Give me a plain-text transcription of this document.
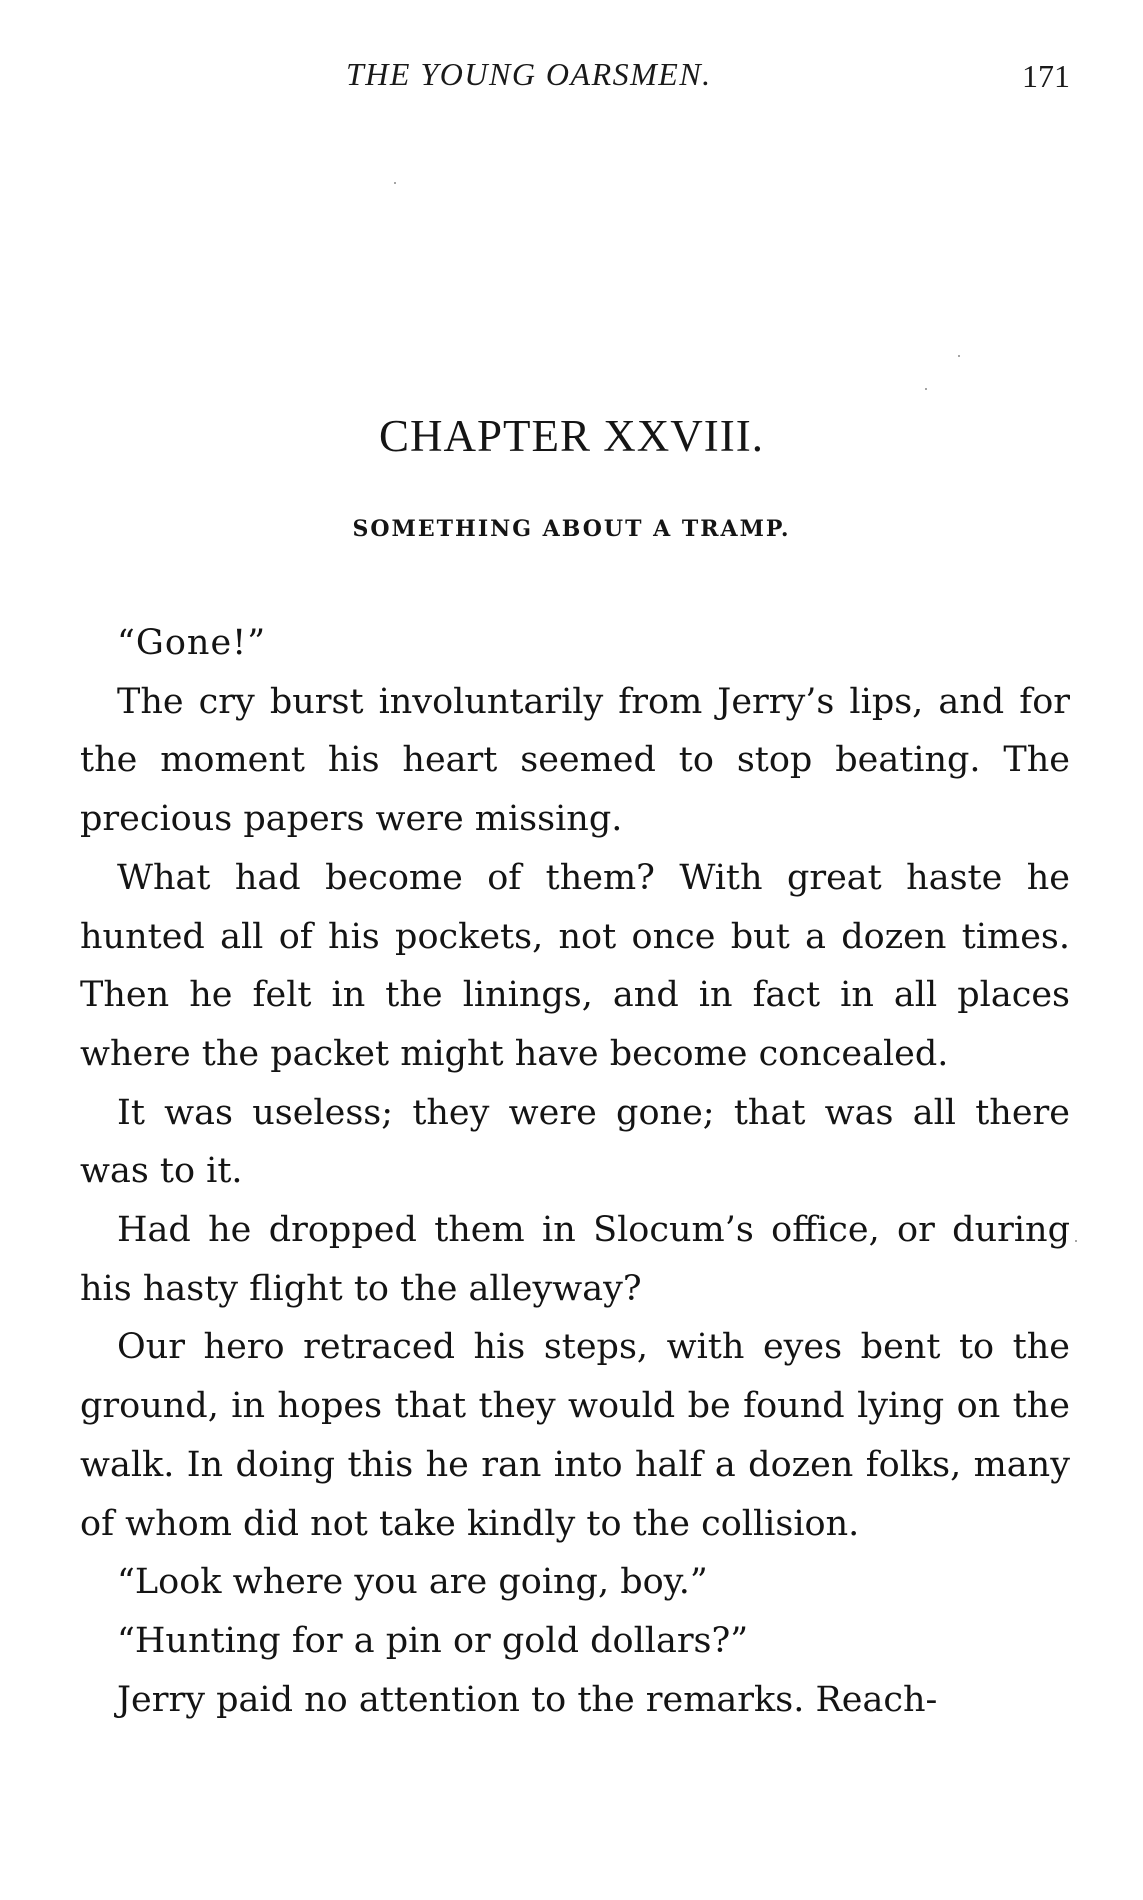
THE YOUNG OARSMEN.	171
CHAPTER XXVIII.
SOMETHING ABOUT A TRAMP.

“Gone!”

The cry burst involuntarily from Jerry’s lips, and for the moment his heart seemed to stop beating. The precious papers were missing.

What had become of them? With great haste he hunted all of his pockets, not once but a dozen times. Then he felt in the linings, and in fact in all places where the packet might have become concealed.

It was useless; they were gone; that was all there was to it.

Had he dropped them in Slocum’s office, or during his hasty flight to the alleyway?

Our hero retraced his steps, with eyes bent to the ground, in hopes that they would be found lying on the walk. In doing this he ran into half a dozen folks, many of whom did not take kindly to the collision.

“Look where you are going, boy.”

“Hunting for a pin or gold dollars?”

Jerry paid no attention to the remarks. Reach-
